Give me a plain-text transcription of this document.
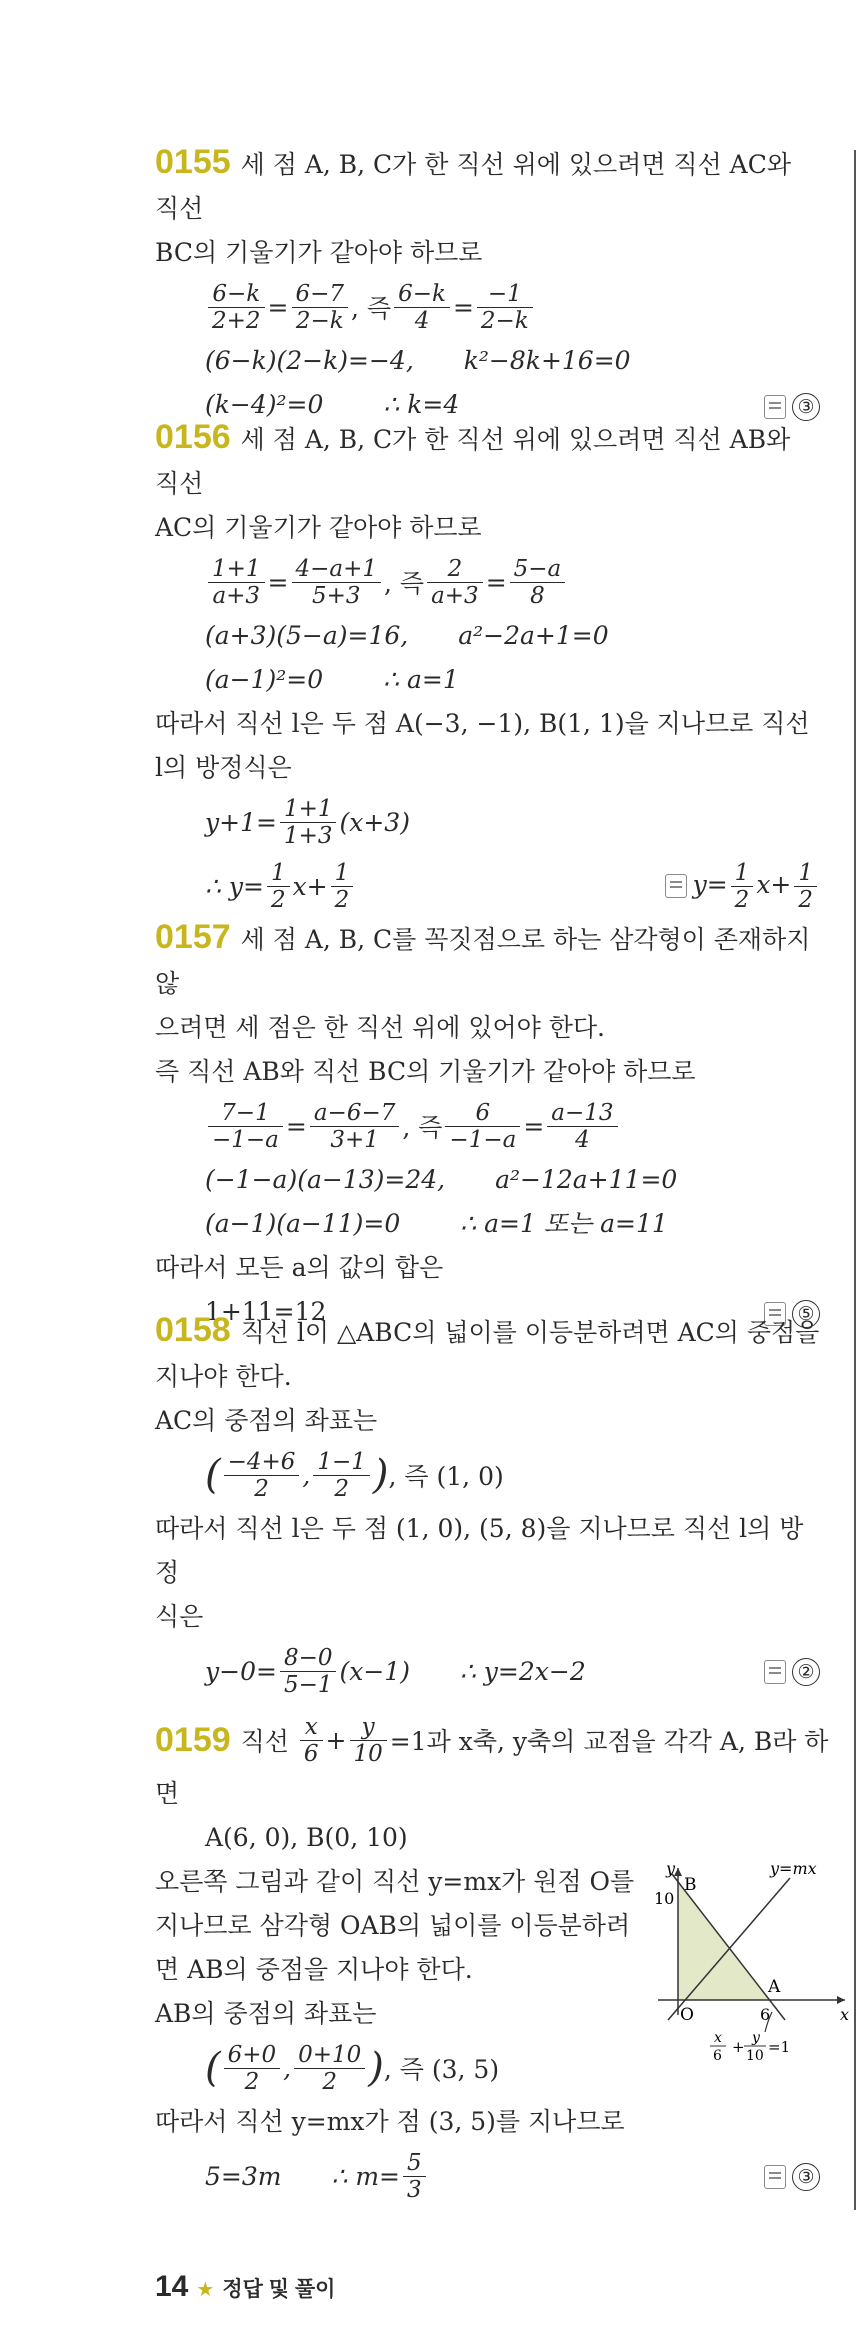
0155 세 점 A, B, C가 한 직선 위에 있으려면 직선 AC와 직선
BC의 기울기가 같아야 하므로
$\frac{6-k}{2+2} = \frac{6-7}{2-k}$ , 즉 $\frac{6-k}{4} = \frac{-1}{2-k}$
(6−k)(2−k)=−4, k²−8k+16=0
(k−4)²=0 ∴ k=4	③
0156 세 점 A, B, C가 한 직선 위에 있으려면 직선 AB와 직선
AC의 기울기가 같아야 하므로
$\frac{1+1}{a+3} = \frac{4-a+1}{5+3}$ , 즉 $\frac{2}{a+3} = \frac{5-a}{8}$
(a+3)(5−a)=16, a²−2a+1=0
(a−1)²=0 ∴ a=1
따라서 직선 l은 두 점 A(−3, −1), B(1, 1)을 지나므로 직선
l의 방정식은
$y+1= \frac{1+1}{1+3} (x+3)$
∴ $y= \frac{1}{2} x+ \frac{1}{2}$	$y= \frac{1}{2} x+ \frac{1}{2}$
0157 세 점 A, B, C를 꼭짓점으로 하는 삼각형이 존재하지 않
으려면 세 점은 한 직선 위에 있어야 한다.
즉 직선 AB와 직선 BC의 기울기가 같아야 하므로
$\frac{7-1}{-1-a} = \frac{a-6-7}{3+1}$ , 즉 $\frac{6}{-1-a} = \frac{a-13}{4}$
(−1−a)(a−13)=24, a²−12a+11=0
(a−1)(a−11)=0 ∴ a=1 또는 a=11
따라서 모든 a의 값의 합은
1+11=12	⑤
0158 직선 l이 △ABC의 넓이를 이등분하려면 AC의 중점을
지나야 한다.
AC의 중점의 좌표는
( $\frac{-4+6}{2}$ , $\frac{1-1}{2}$ ) , 즉 (1, 0)
따라서 직선 l은 두 점 (1, 0), (5, 8)을 지나므로 직선 l의 방정
식은
$y-0= \frac{8-0}{5-1} (x-1)$ ∴ y=2x−2	②
0159 직선
$\frac{x}{6} + \frac{y}{10} =1$과 x축, y축의 교점을 각각 A, B라 하
면
A(6, 0), B(0, 10)
오른쪽 그림과 같이 직선 y=mx가 원점 O를
지나므로 삼각형 OAB의 넓이를 이등분하려
면 AB의 중점을 지나야 한다.
AB의 중점의 좌표는
( $\frac{6+0}{2}$ , $\frac{0+10}{2}$ ) , 즉 (3, 5)
따라서 직선 y=mx가 점 (3, 5)를 지나므로
5=3m ∴ $m= \frac{5}{3}$	③
y
B
10
O	6
A
x
y=mx
x
6 + y
10 =1
14 ★ 정답 및 풀이
